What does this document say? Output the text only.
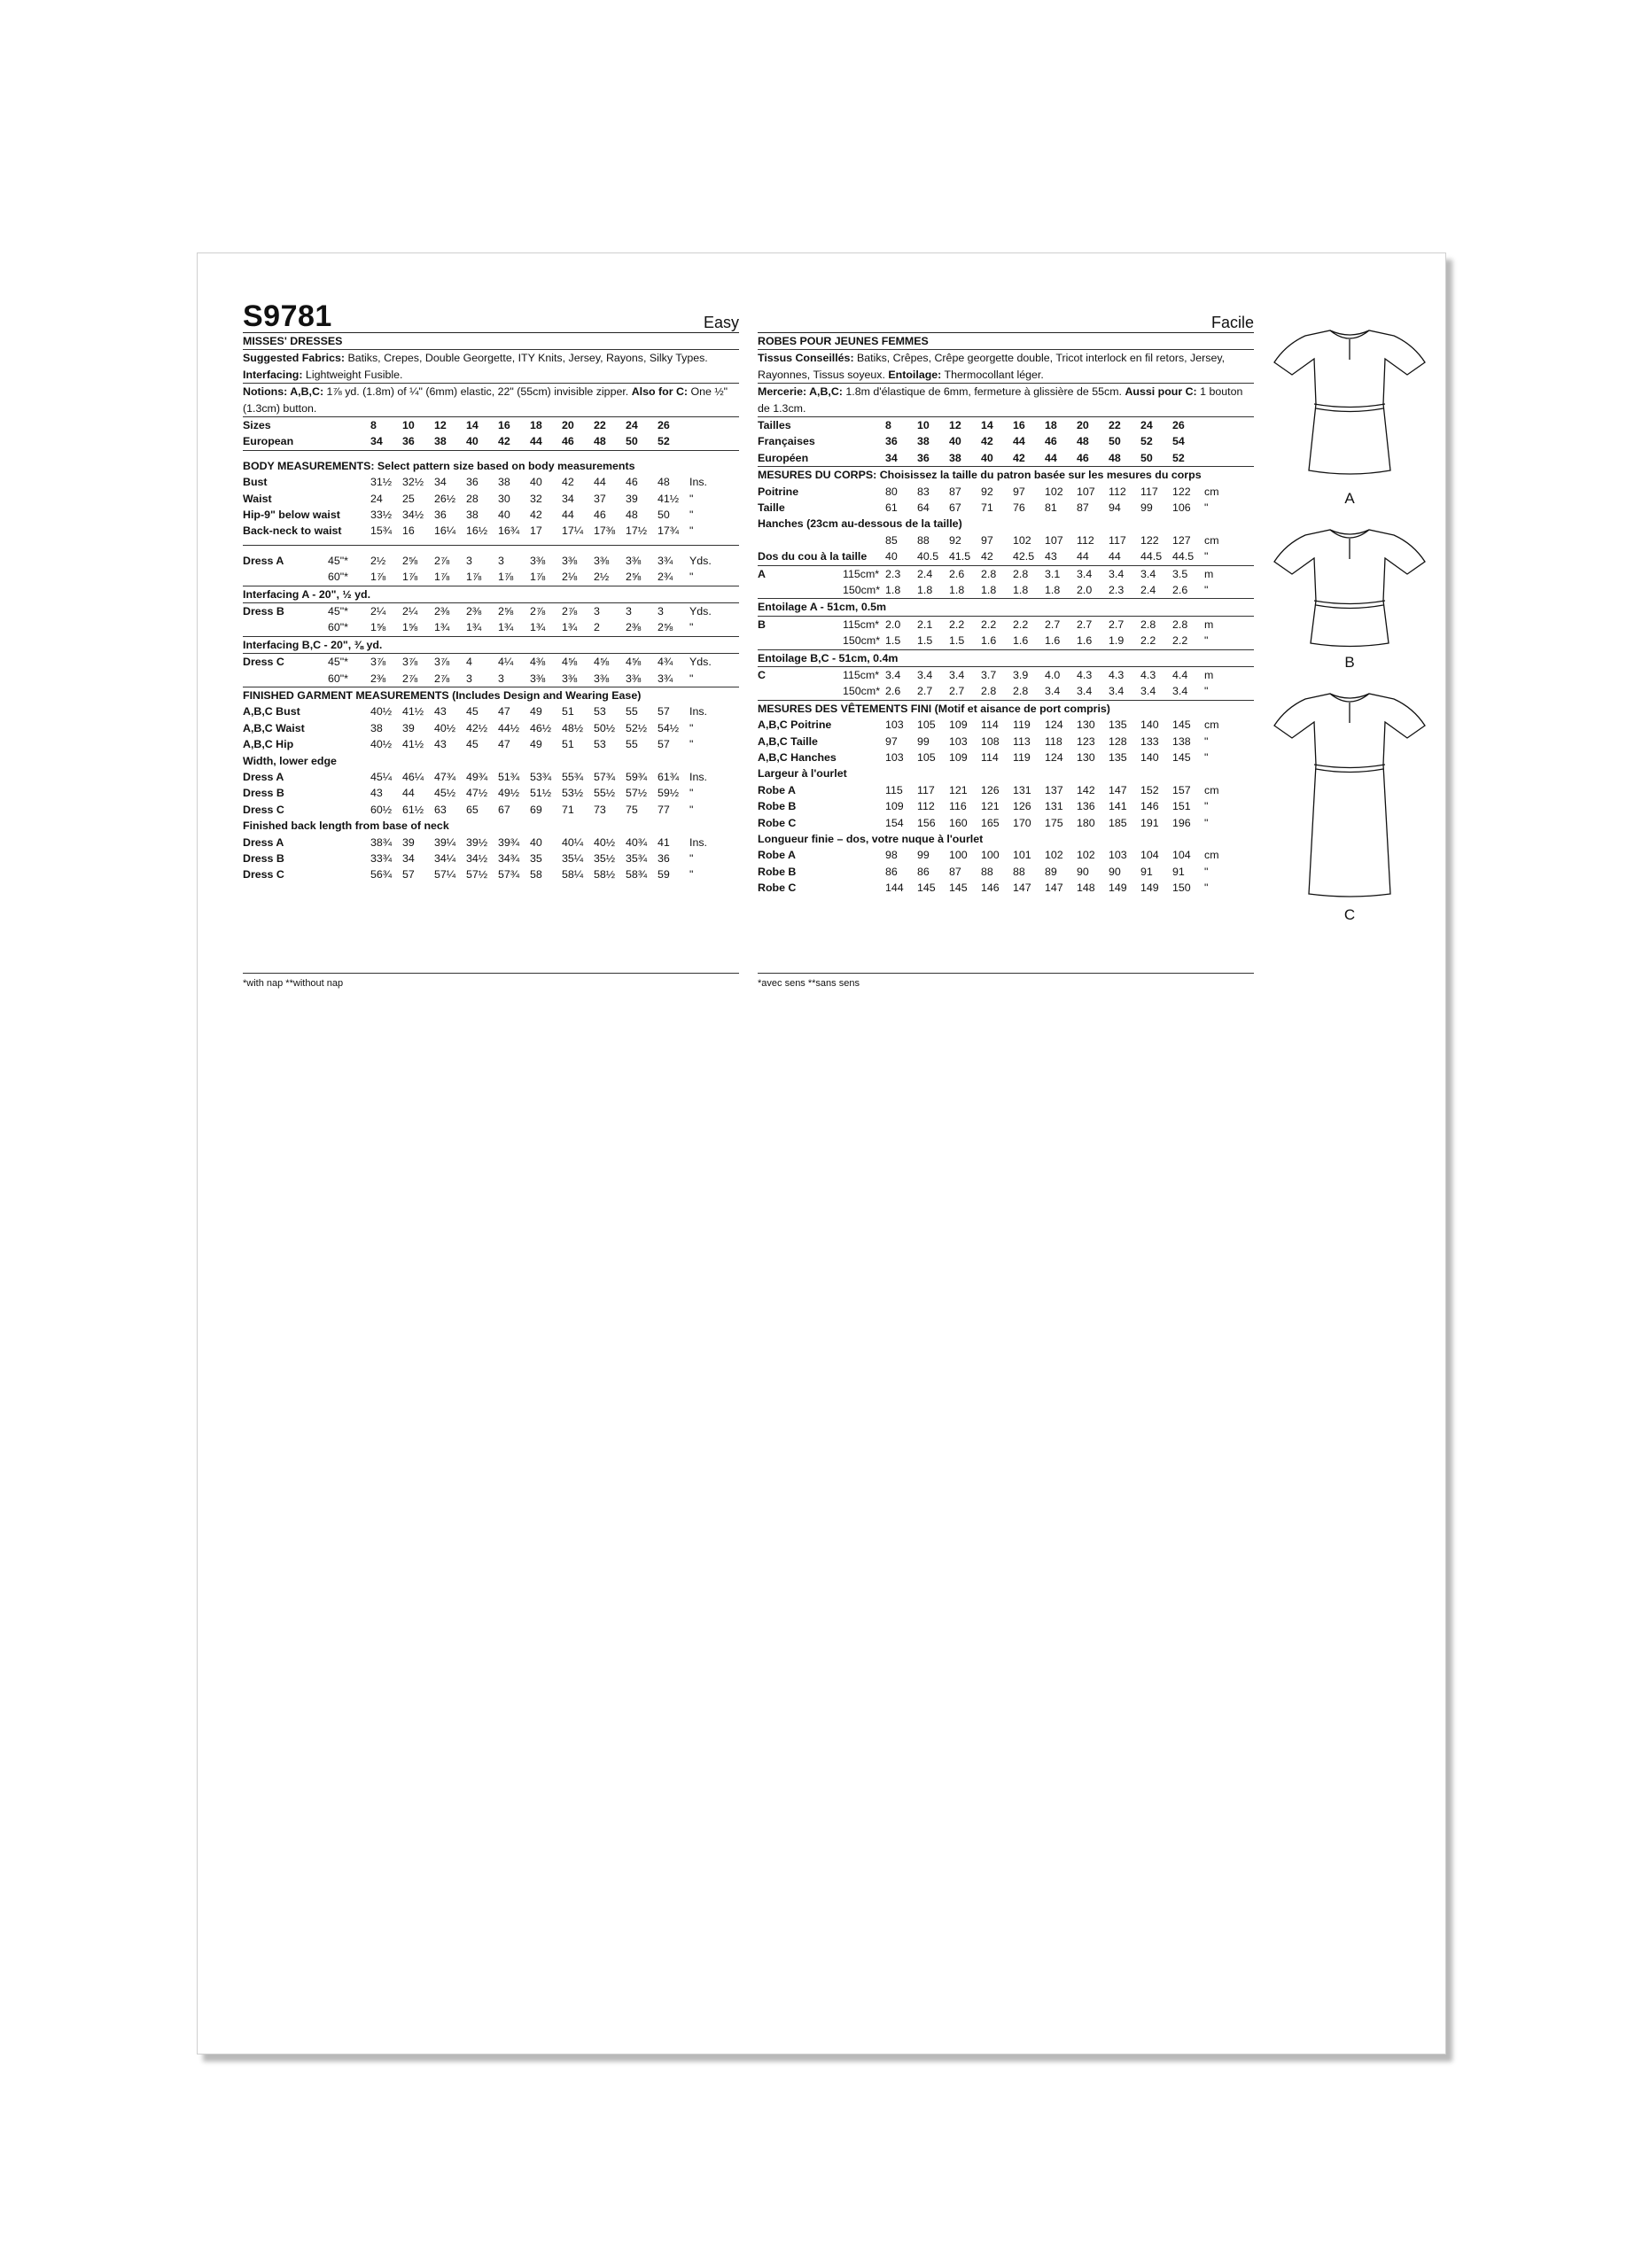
S9781	Easy
MISSES' DRESSES
Suggested Fabrics: Batiks, Crepes, Double Georgette, ITY Knits, Jersey, Rayons, Silky Types.
Interfacing: Lightweight Fusible.
Notions: A,B,C: 1⅞ yd. (1.8m) of ¼" (6mm) elastic, 22" (55cm) invisible zipper. Also for C: One ½" (1.3cm) button.
Sizes	8	10	12	14	16	18	20	22	24	26
European	34	36	38	40	42	44	46	48	50	52
BODY MEASUREMENTS: Select pattern size based on body measurements
Bust	31½ 32½ 34	36	38	40	42	44	46	48	Ins.
Waist	24	25	26½ 28	30	32	34	37	39	41½ "
Hip-9" below waist	33½ 34½ 36	38	40	42	44	46	48	50	"
Back-neck to waist	15¾ 16	16¼ 16½ 16¾ 17	17¼ 17⅜ 17½ 17¾ "
Dress A	45"*	2½	2⅝	2⅞	3	3	3⅜	3⅜	3⅜	3⅜	3¾	Yds.
60"*	1⅞	1⅞	1⅞	1⅞	1⅞	1⅞	2⅛	2½	2⅝	2¾	"
Interfacing A - 20", ½ yd.
Dress B	45"*	2¼	2¼	2⅜	2⅜	2⅝	2⅞	2⅞	3	3	3	Yds.
60"*	1⅝	1⅝	1¾	1¾	1¾	1¾	1¾	2	2⅜	2⅝	"
Interfacing B,C - 20", ⅜ yd.
Dress C	45"*	3⅞	3⅞	3⅞	4	4¼	4⅜	4⅝	4⅝	4⅝	4¾	Yds.
60"*	2⅜	2⅞	2⅞	3	3	3⅜	3⅜	3⅜	3⅜	3¾	"
FINISHED GARMENT MEASUREMENTS (Includes Design and Wearing Ease)
A,B,C Bust	40½ 41½ 43	45	47	49	51	53	55	57	Ins.
A,B,C Waist	38	39	40½ 42½ 44½ 46½ 48½ 50½ 52½ 54½ "
A,B,C Hip	40½ 41½ 43	45	47	49	51	53	55	57	"
Width, lower edge
Dress A	45¼ 46¼ 47¾ 49¾ 51¾ 53¾ 55¾ 57¾ 59¾ 61¾ Ins.
Dress B	43	44	45½ 47½ 49½ 51½ 53½ 55½ 57½ 59½ "
Dress C	60½ 61½ 63	65	67	69	71	73	75	77	"
Finished back length from base of neck
Dress A	38¾ 39	39¼ 39½ 39¾ 40	40¼ 40½ 40¾ 41	Ins.
Dress B	33¾ 34	34¼ 34½ 34¾ 35	35¼ 35½ 35¾ 36	"
Dress C	56¾ 57	57¼ 57½ 57¾ 58	58¼ 58½ 58¾ 59	"
Facile
ROBES POUR JEUNES FEMMES
Tissus Conseillés: Batiks, Crêpes, Crêpe georgette double, Tricot interlock en fil retors, Jersey, Rayonnes, Tissus soyeux. Entoilage: Thermocollant léger.
Mercerie: A,B,C: 1.8m d'élastique de 6mm, fermeture à glissière de 55cm. Aussi pour C: 1 bouton de 1.3cm.
Tailles	8	10	12	14	16	18	20	22	24	26
Françaises	36	38	40	42	44	46	48	50	52	54
Européen	34	36	38	40	42	44	46	48	50	52
MESURES DU CORPS: Choisissez la taille du patron basée sur les mesures du corps
Poitrine	80	83	87	92	97	102	107	112	117	122	cm
Taille	61	64	67	71	76	81	87	94	99	106	"
Hanches (23cm au-dessous de la taille)
85	88	92	97	102	107	112	117	122	127	cm
Dos du cou à la taille	40	40.5 41.5 42	42.5 43	44	44	44.5 44.5 "
A	115cm* 2.3	2.4	2.6	2.8	2.8	3.1	3.4	3.4	3.4	3.5	m
150cm* 1.8	1.8	1.8	1.8	1.8	1.8	2.0	2.3	2.4	2.6	"
Entoilage A - 51cm, 0.5m
B	115cm* 2.0	2.1	2.2	2.2	2.2	2.7	2.7	2.7	2.8	2.8	m
150cm* 1.5	1.5	1.5	1.6	1.6	1.6	1.6	1.9	2.2	2.2	"
Entoilage B,C - 51cm, 0.4m
C	115cm* 3.4	3.4	3.4	3.7	3.9	4.0	4.3	4.3	4.3	4.4	m
150cm* 2.6	2.7	2.7	2.8	2.8	3.4	3.4	3.4	3.4	3.4	"
MESURES DES VÊTEMENTS FINI (Motif et aisance de port compris)
A,B,C Poitrine	103	105	109	114	119	124	130	135	140	145	cm
A,B,C Taille	97	99	103	108	113	118	123	128	133	138	"
A,B,C Hanches	103	105	109	114	119	124	130	135	140	145	"
Largeur à l'ourlet
Robe A	115	117	121	126	131	137	142	147	152	157	cm
Robe B	109	112	116	121	126	131	136	141	146	151	"
Robe C	154	156	160	165	170	175	180	185	191	196	"
Longueur finie – dos, votre nuque à l'ourlet
Robe A	98	99	100	100	101	102	102	103	104	104	cm
Robe B	86	86	87	88	88	89	90	90	91	91	"
Robe C	144	145	145	146	147	147	148	149	149	150	"
*with nap **without nap	*avec sens **sans sens
A
B
C
